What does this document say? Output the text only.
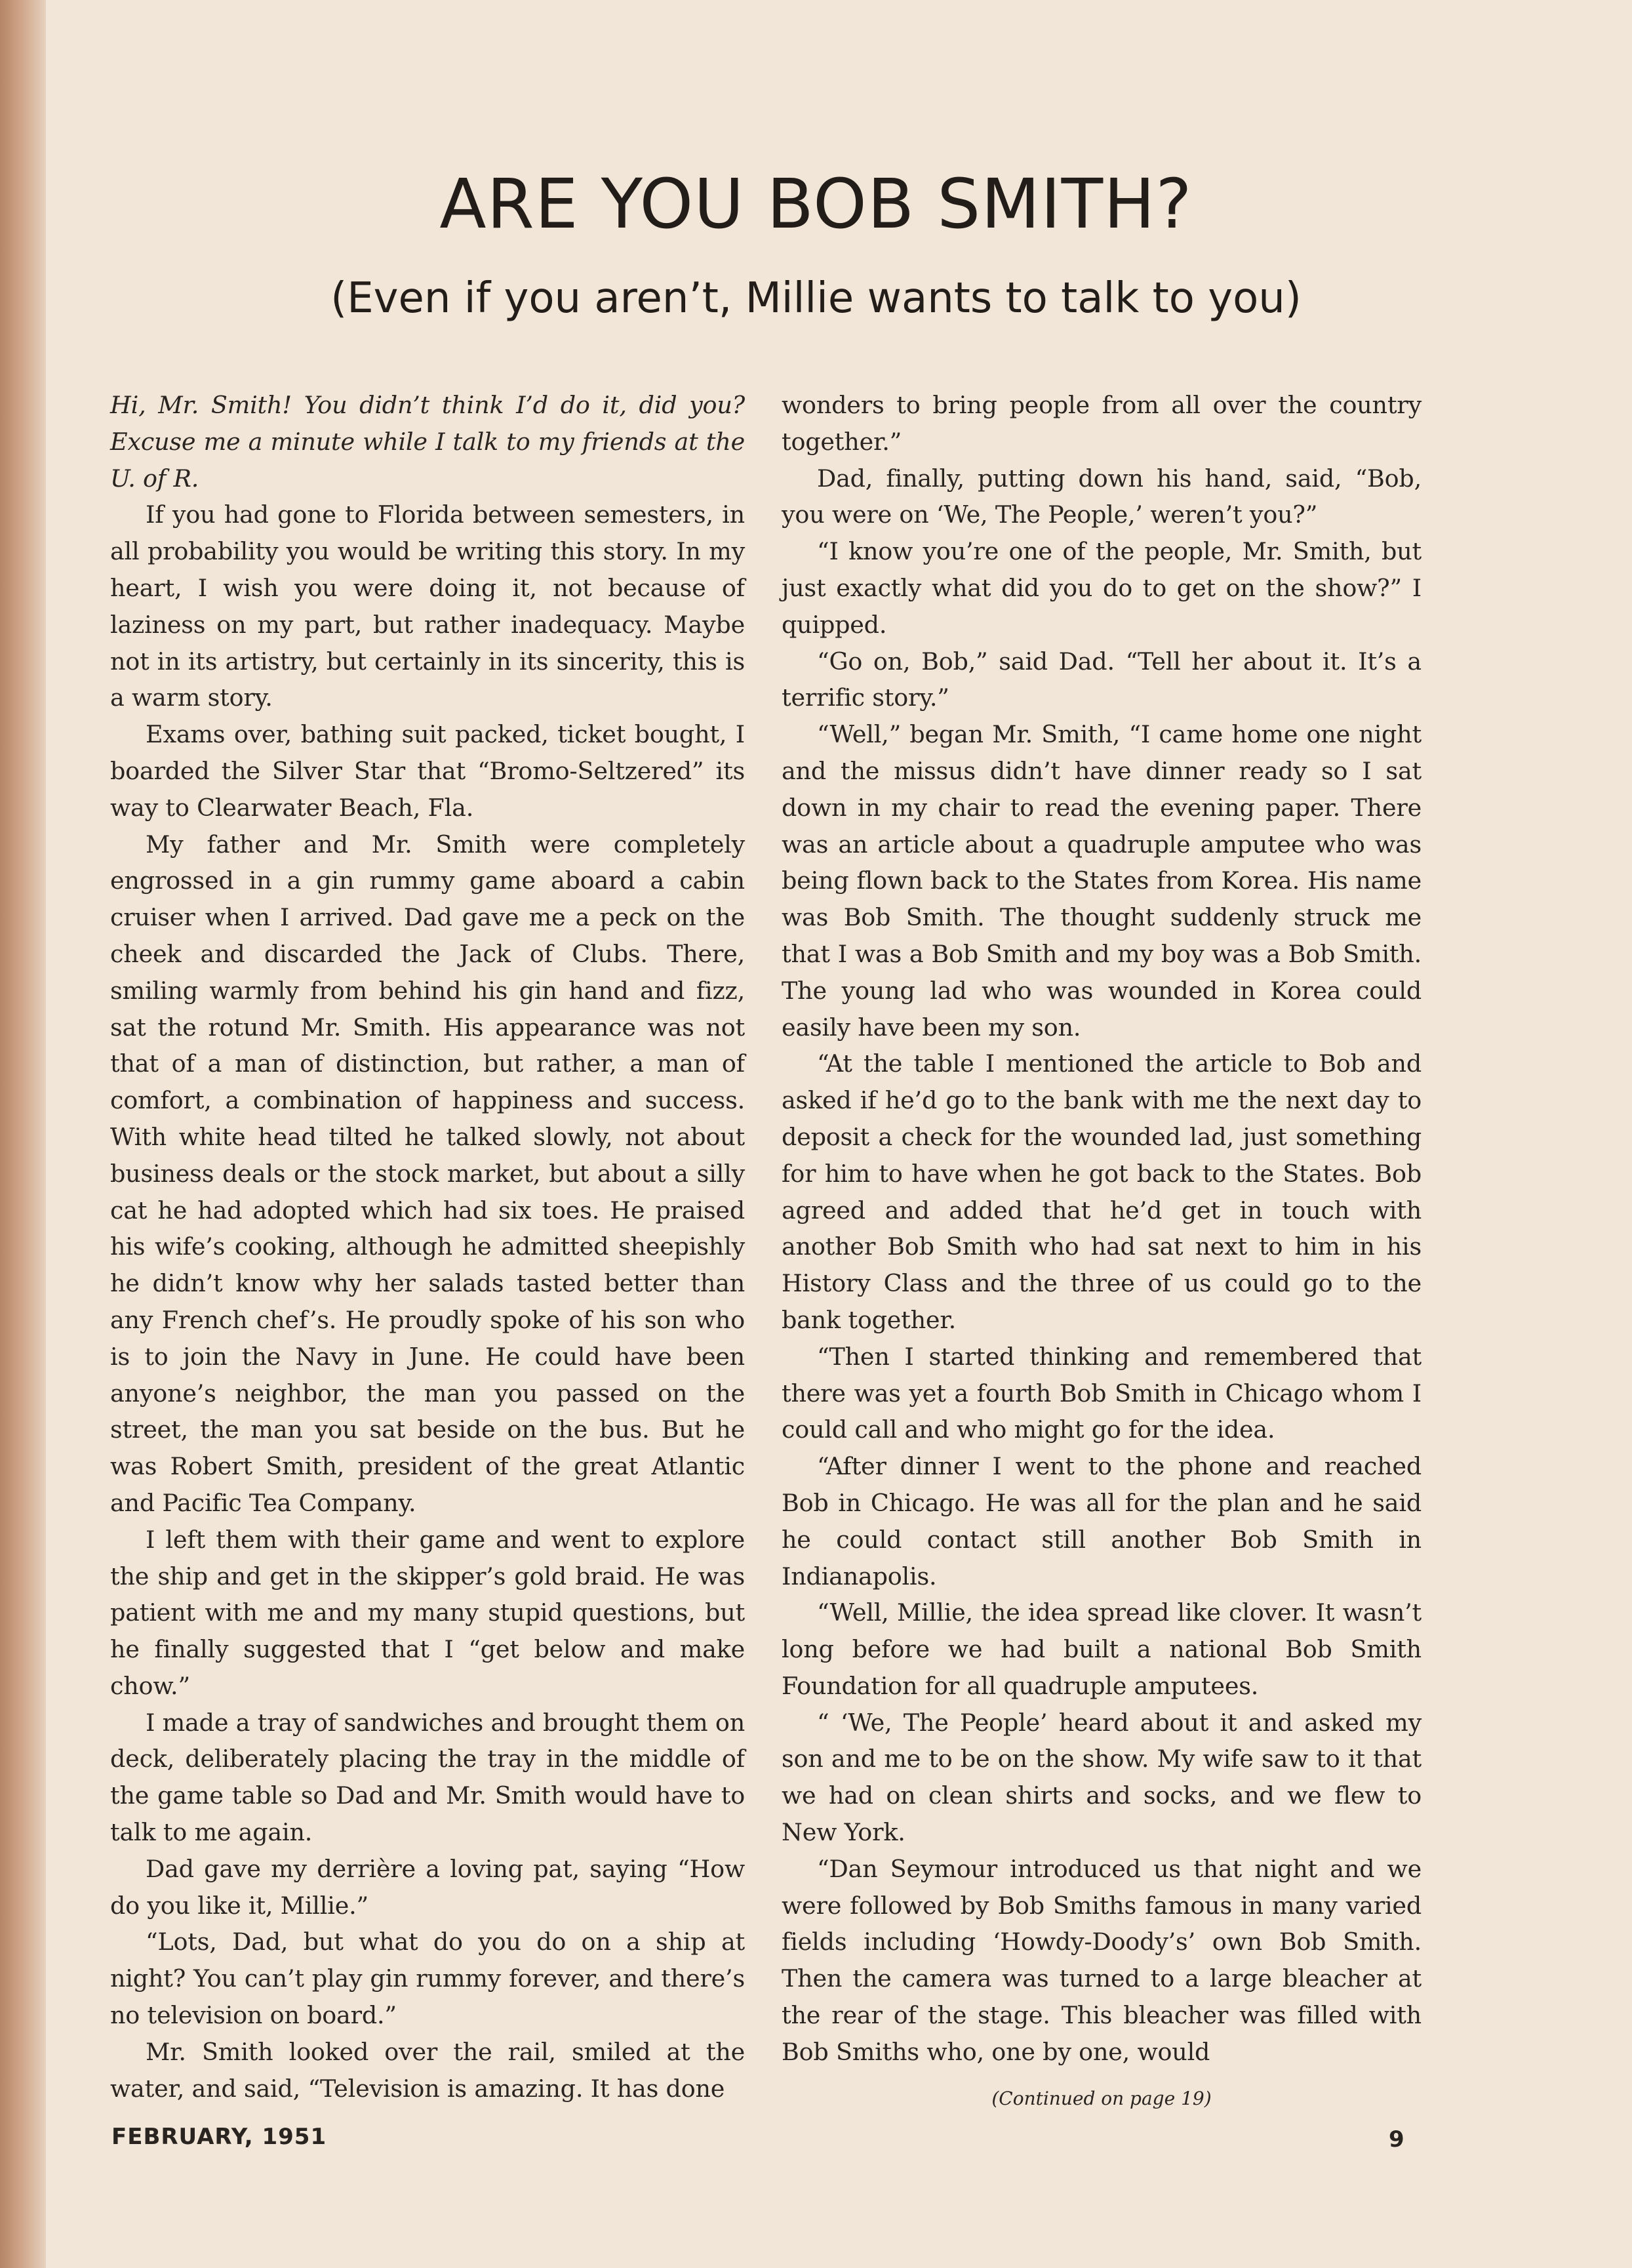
ARE YOU BOB SMITH?
(Even if you aren’t, Millie wants to talk to you)

Hi, Mr. Smith! You didn’t think I’d do it, did you? Excuse me a minute while I talk to my friends at the U. of R.

If you had gone to Florida between semesters, in all probability you would be writing this story. In my heart, I wish you were doing it, not because of laziness on my part, but rather inadequacy. Maybe not in its artistry, but certainly in its sincerity, this is a warm story.

Exams over, bathing suit packed, ticket bought, I boarded the Silver Star that “Bromo-Seltzered” its way to Clearwater Beach, Fla.

My father and Mr. Smith were completely engrossed in a gin rummy game aboard a cabin cruiser when I arrived. Dad gave me a peck on the cheek and discarded the Jack of Clubs. There, smiling warmly from behind his gin hand and fizz, sat the rotund Mr. Smith. His appearance was not that of a man of distinction, but rather, a man of comfort, a combination of happiness and success. With white head tilted he talked slowly, not about business deals or the stock market, but about a silly cat he had adopted which had six toes. He praised his wife’s cooking, although he admitted sheepishly he didn’t know why her salads tasted better than any French chef’s. He proudly spoke of his son who is to join the Navy in June. He could have been anyone’s neighbor, the man you passed on the street, the man you sat beside on the bus. But he was Robert Smith, president of the great Atlantic and Pacific Tea Company.

I left them with their game and went to explore the ship and get in the skipper’s gold braid. He was patient with me and my many stupid questions, but he finally suggested that I “get below and make chow.”

I made a tray of sandwiches and brought them on deck, deliberately placing the tray in the middle of the game table so Dad and Mr. Smith would have to talk to me again.

Dad gave my derrière a loving pat, saying “How do you like it, Millie.”

“Lots, Dad, but what do you do on a ship at night? You can’t play gin rummy forever, and there’s no television on board.”

Mr. Smith looked over the rail, smiled at the water, and said, “Television is amazing. It has done

wonders to bring people from all over the country together.”

Dad, finally, putting down his hand, said, “Bob, you were on ‘We, The People,’ weren’t you?”

“I know you’re one of the people, Mr. Smith, but just exactly what did you do to get on the show?” I quipped.

“Go on, Bob,” said Dad. “Tell her about it. It’s a terrific story.”

“Well,” began Mr. Smith, “I came home one night and the missus didn’t have dinner ready so I sat down in my chair to read the evening paper. There was an article about a quadruple amputee who was being flown back to the States from Korea. His name was Bob Smith. The thought suddenly struck me that I was a Bob Smith and my boy was a Bob Smith. The young lad who was wounded in Korea could easily have been my son.

“At the table I mentioned the article to Bob and asked if he’d go to the bank with me the next day to deposit a check for the wounded lad, just something for him to have when he got back to the States. Bob agreed and added that he’d get in touch with another Bob Smith who had sat next to him in his History Class and the three of us could go to the bank together.

“Then I started thinking and remembered that there was yet a fourth Bob Smith in Chicago whom I could call and who might go for the idea.

“After dinner I went to the phone and reached Bob in Chicago. He was all for the plan and he said he could contact still another Bob Smith in Indianapolis.

“Well, Millie, the idea spread like clover. It wasn’t long before we had built a national Bob Smith Foundation for all quadruple amputees.

“ ‘We, The People’ heard about it and asked my son and me to be on the show. My wife saw to it that we had on clean shirts and socks, and we flew to New York.

“Dan Seymour introduced us that night and we were followed by Bob Smiths famous in many varied fields including ‘Howdy-Doody’s’ own Bob Smith. Then the camera was turned to a large bleacher at the rear of the stage. This bleacher was filled with Bob Smiths who, one by one, would

(Continued on page 19)
FEBRUARY, 1951	9
